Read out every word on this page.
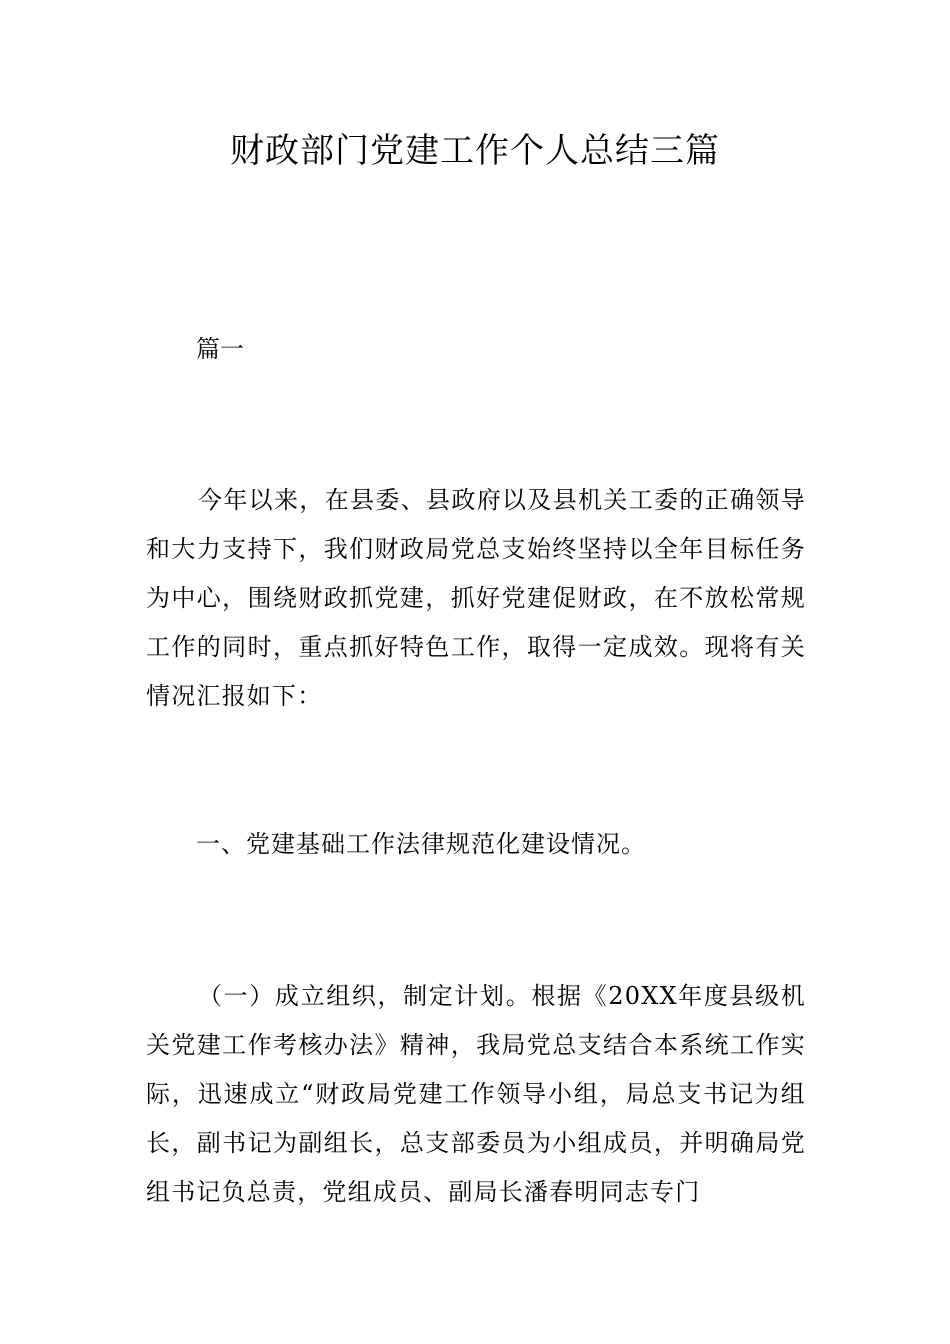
财政部门党建工作个人总结三篇
篇一

今年以来，在县委、县政府以及县机关工委的正确领导和大力支持下，我们财政局党总支始终坚持以全年目标任务为中心，围绕财政抓党建，抓好党建促财政，在不放松常规工作的同时，重点抓好特色工作，取得一定成效。现将有关情况汇报如下：

一、党建基础工作法律规范化建设情况。

（一）成立组织，制定计划。根据《20XX年度县级机关党建工作考核办法》精神，我局党总支结合本系统工作实际，迅速成立“财政局党建工作领导小组，局总支书记为组长，副书记为副组长，总支部委员为小组成员，并明确局党组书记负总责，党组成员、副局长潘春明同志专门
